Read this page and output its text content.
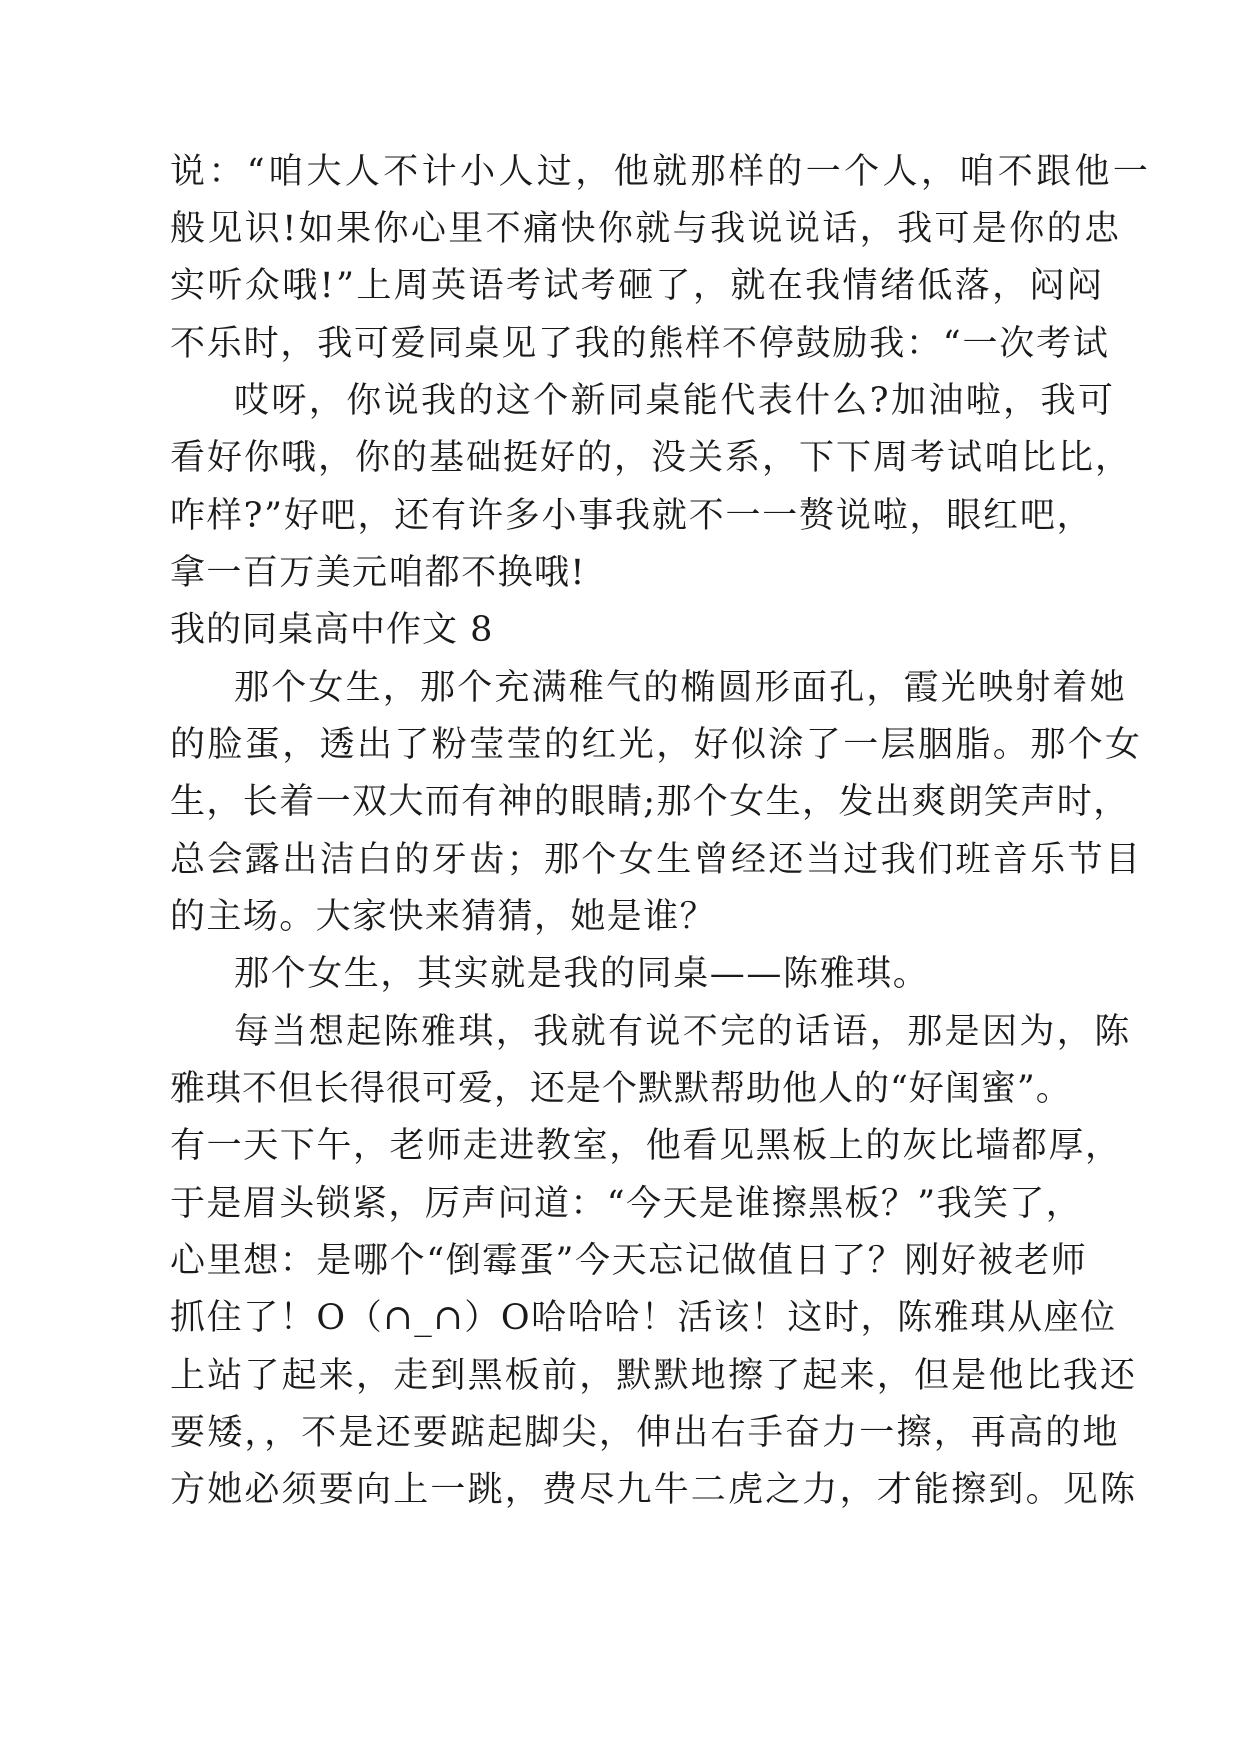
说：“咱大人不计小人过，他就那样的一个人，咱不跟他一
般见识!如果你心里不痛快你就与我说说话，我可是你的忠
实听众哦!”上周英语考试考砸了，就在我情绪低落，闷闷
不乐时，我可爱同桌见了我的熊样不停鼓励我：“一次考试
哎呀，你说我的这个新同桌能代表什么?加油啦，我可
看好你哦，你的基础挺好的，没关系，下下周考试咱比比，
咋样?”好吧，还有许多小事我就不一一赘说啦，眼红吧，
拿一百万美元咱都不换哦!
我的同桌高中作文 8
那个女生，那个充满稚气的椭圆形面孔，霞光映射着她
的脸蛋，透出了粉莹莹的红光，好似涂了一层胭脂。那个女
生，长着一双大而有神的眼睛;那个女生，发出爽朗笑声时，
总会露出洁白的牙齿；那个女生曾经还当过我们班音乐节目
的主场。大家快来猜猜，她是谁？
那个女生，其实就是我的同桌——陈雅琪。
每当想起陈雅琪，我就有说不完的话语，那是因为，陈
雅琪不但长得很可爱，还是个默默帮助他人的“好闺蜜”。
有一天下午，老师走进教室，他看见黑板上的灰比墙都厚，
于是眉头锁紧，厉声问道：“今天是谁擦黑板？”我笑了，
心里想：是哪个“倒霉蛋”今天忘记做值日了？刚好被老师
抓住了！O（∩_∩）O哈哈哈！活该！这时，陈雅琪从座位
上站了起来，走到黑板前，默默地擦了起来，但是他比我还
要矮，，不是还要踮起脚尖，伸出右手奋力一擦，再高的地
方她必须要向上一跳，费尽九牛二虎之力，才能擦到。见陈
